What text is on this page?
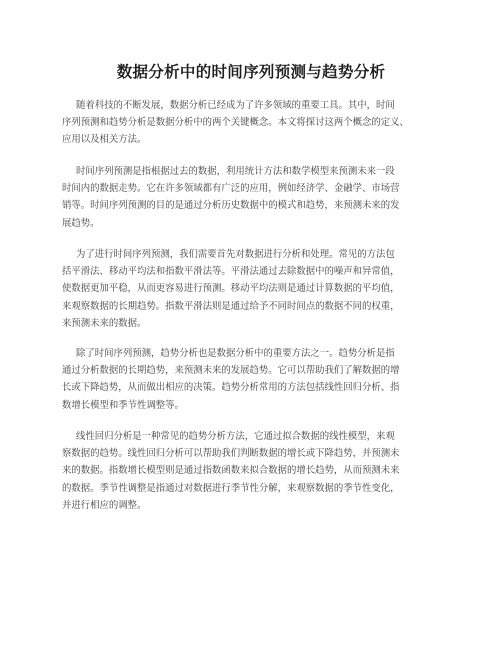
数据分析中的时间序列预测与趋势分析
随着科技的不断发展，数据分析已经成为了许多领域的重要工具。其中，时间
序列预测和趋势分析是数据分析中的两个关键概念。本文将探讨这两个概念的定义、
应用以及相关方法。
时间序列预测是指根据过去的数据，利用统计方法和数学模型来预测未来一段
时间内的数据走势。它在许多领域都有广泛的应用，例如经济学、金融学、市场营
销等。时间序列预测的目的是通过分析历史数据中的模式和趋势，来预测未来的发
展趋势。
为了进行时间序列预测，我们需要首先对数据进行分析和处理。常见的方法包
括平滑法、移动平均法和指数平滑法等。平滑法通过去除数据中的噪声和异常值，
使数据更加平稳，从而更容易进行预测。移动平均法则是通过计算数据的平均值，
来观察数据的长期趋势。指数平滑法则是通过给予不同时间点的数据不同的权重，
来预测未来的数据。
除了时间序列预测，趋势分析也是数据分析中的重要方法之一。趋势分析是指
通过分析数据的长期趋势，来预测未来的发展趋势。它可以帮助我们了解数据的增
长或下降趋势，从而做出相应的决策。趋势分析常用的方法包括线性回归分析、指
数增长模型和季节性调整等。
线性回归分析是一种常见的趋势分析方法，它通过拟合数据的线性模型，来观
察数据的趋势。线性回归分析可以帮助我们判断数据的增长或下降趋势，并预测未
来的数据。指数增长模型则是通过指数函数来拟合数据的增长趋势，从而预测未来
的数据。季节性调整是指通过对数据进行季节性分解，来观察数据的季节性变化，
并进行相应的调整。
